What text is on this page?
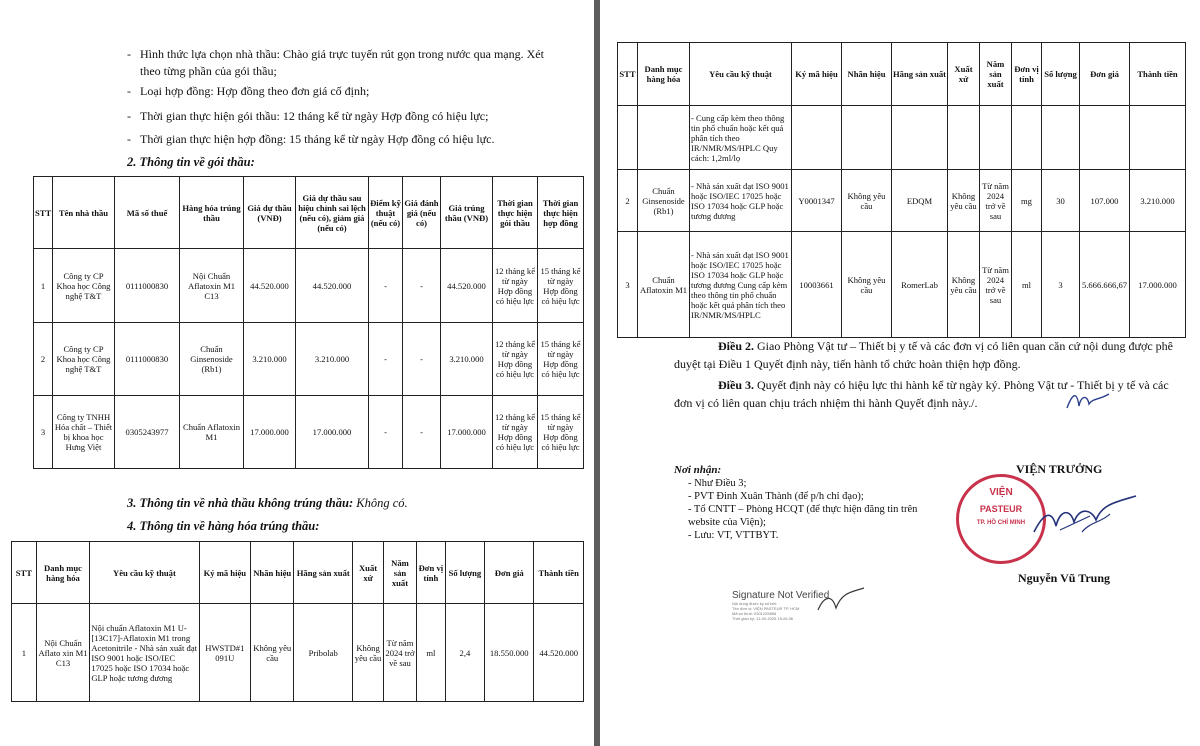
- Hình thức lựa chọn nhà thầu: Chào giá trực tuyến rút gọn trong nước qua mạng. Xét theo từng phần của gói thầu;
- Loại hợp đồng: Hợp đồng theo đơn giá cố định;
- Thời gian thực hiện gói thầu: 12 tháng kể từ ngày Hợp đồng có hiệu lực;
- Thời gian thực hiện hợp đồng: 15 tháng kể từ ngày Hợp đồng có hiệu lực.
2. Thông tin về gói thầu:
STT	Tên nhà thầu	Mã số thuế	Hàng hóa trúng thầu	Giá dự thầu (VNĐ)	Giá dự thầu sau hiệu chỉnh sai lệch (nếu có), giảm giá (nếu có)	Điểm kỹ thuật (nếu có)	Giá đánh giá (nếu có)	Giá trúng thầu (VNĐ)	Thời gian thực hiện gói thầu	Thời gian thực hiện hợp đồng
1	Công ty CP Khoa học Công nghệ T&T	0111000830	Nội Chuẩn Aflatoxin M1 C13	44.520.000	44.520.000	-	-	44.520.000	12 tháng kể từ ngày Hợp đồng có hiệu lực	15 tháng kể từ ngày Hợp đồng có hiệu lực
2	Công ty CP Khoa học Công nghệ T&T	0111000830	Chuẩn Ginsenoside (Rb1)	3.210.000	3.210.000	-	-	3.210.000	12 tháng kể từ ngày Hợp đồng có hiệu lực	15 tháng kể từ ngày Hợp đồng có hiệu lực
3	Công ty TNHH Hóa chất – Thiết bị khoa học Hưng Việt	0305243977	Chuẩn Aflatoxin M1	17.000.000	17.000.000	-	-	17.000.000	12 tháng kể từ ngày Hợp đồng có hiệu lực	15 tháng kể từ ngày Hợp đồng có hiệu lực
3. Thông tin về nhà thầu không trúng thầu: Không có.
4. Thông tin về hàng hóa trúng thầu:
STT	Danh mục hàng hóa	Yêu cầu kỹ thuật	Ký mã hiệu	Nhãn hiệu	Hãng sản xuất	Xuất xứ	Năm sản xuất	Đơn vị tính	Số lượng	Đơn giá	Thành tiền
1	Nội Chuẩn Aflato xin M1 C13	Nội chuẩn Aflatoxin M1 U-[13C17]-Aflatoxin M1 trong Acetonitrile - Nhà sản xuất đạt ISO 9001 hoặc ISO/IEC 17025 hoặc ISO 17034 hoặc GLP hoặc tương đương	HWSTD#1 091U	Không yêu cầu	Pribolab	Không yêu cầu	Từ năm 2024 trở về sau	ml	2,4	18.550.000	44.520.000
STT	Danh mục hàng hóa	Yêu cầu kỹ thuật	Ký mã hiệu	Nhãn hiệu	Hãng sản xuất	Xuất xứ	Năm sản xuất	Đơn vị tính	Số lượng	Đơn giá	Thành tiền
		- Cung cấp kèm theo thông tin phổ chuẩn hoặc kết quả phân tích theo IR/NMR/MS/HPLC Quy cách: 1,2ml/lọ									
2	Chuẩn Ginsenoside (Rb1)	- Nhà sản xuất đạt ISO 9001 hoặc ISO/IEC 17025 hoặc ISO 17034 hoặc GLP hoặc tương đương	Y0001347	Không yêu cầu	EDQM	Không yêu cầu	Từ năm 2024 trở về sau	mg	30	107.000	3.210.000
3	Chuẩn Aflatoxin M1	- Nhà sản xuất đạt ISO 9001 hoặc ISO/IEC 17025 hoặc ISO 17034 hoặc GLP hoặc tương đương Cung cấp kèm theo thông tin phổ chuẩn hoặc kết quả phân tích theo IR/NMR/MS/HPLC	10003661	Không yêu cầu	RomerLab	Không yêu cầu	Từ năm 2024 trở về sau	ml	3	5.666.666,67	17.000.000
Điều 2. Giao Phòng Vật tư – Thiết bị y tế và các đơn vị có liên quan căn cứ nội dung được phê duyệt tại Điều 1 Quyết định này, tiến hành tổ chức hoàn thiện hợp đồng.
Điều 3. Quyết định này có hiệu lực thi hành kể từ ngày ký. Phòng Vật tư - Thiết bị y tế và các đơn vị có liên quan chịu trách nhiệm thi hành Quyết định này./.
Nơi nhận:
- Như Điều 3;
- PVT Đinh Xuân Thành (để p/h chỉ đạo);
- Tổ CNTT – Phòng HCQT (để thực hiện đăng tin trên website của Viện);
- Lưu: VT, VTTBYT.
VIỆN TRƯỞNG
VIỆN
PASTEUR
TP. HỒ CHÍ MINH
Nguyễn Vũ Trung
Signature Not Verified
Nội dung được ký số bởi:
Tên đơn vị: VIỆN PASTEUR TP. HCM
Mã số thuế: 0301225896
Thời gian ký: 11-09-2025 15:26:36
